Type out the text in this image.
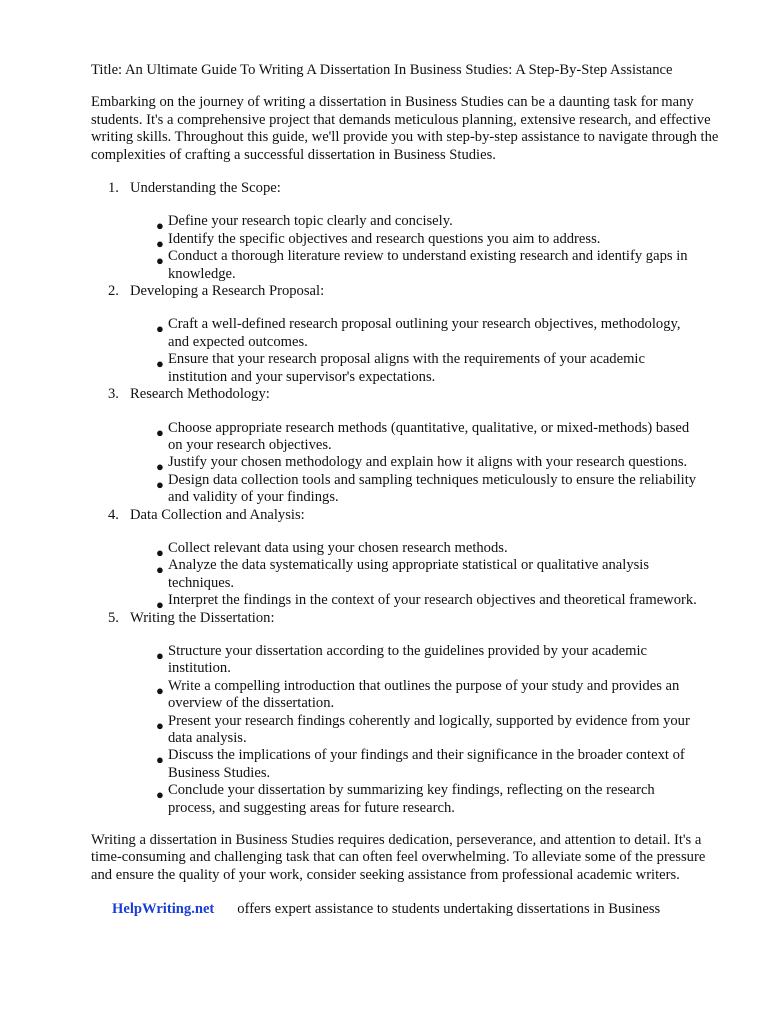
Title: An Ultimate Guide To Writing A Dissertation In Business Studies: A Step-By-Step Assistance

Embarking on the journey of writing a dissertation in Business Studies can be a daunting task for many students. It's a comprehensive project that demands meticulous planning, extensive research, and effective writing skills. Throughout this guide, we'll provide you with step-by-step assistance to navigate through the complexities of crafting a successful dissertation in Business Studies.

1. Understanding the Scope:
● Define your research topic clearly and concisely.
● Identify the specific objectives and research questions you aim to address.
● Conduct a thorough literature review to understand existing research and identify gaps in knowledge.
2. Developing a Research Proposal:
● Craft a well-defined research proposal outlining your research objectives, methodology, and expected outcomes.
● Ensure that your research proposal aligns with the requirements of your academic institution and your supervisor's expectations.
3. Research Methodology:
● Choose appropriate research methods (quantitative, qualitative, or mixed-methods) based on your research objectives.
● Justify your chosen methodology and explain how it aligns with your research questions.
● Design data collection tools and sampling techniques meticulously to ensure the reliability and validity of your findings.
4. Data Collection and Analysis:
● Collect relevant data using your chosen research methods.
● Analyze the data systematically using appropriate statistical or qualitative analysis techniques.
● Interpret the findings in the context of your research objectives and theoretical framework.
5. Writing the Dissertation:
● Structure your dissertation according to the guidelines provided by your academic institution.
● Write a compelling introduction that outlines the purpose of your study and provides an overview of the dissertation.
● Present your research findings coherently and logically, supported by evidence from your data analysis.
● Discuss the implications of your findings and their significance in the broader context of Business Studies.
● Conclude your dissertation by summarizing key findings, reflecting on the research process, and suggesting areas for future research.

Writing a dissertation in Business Studies requires dedication, perseverance, and attention to detail. It's a time-consuming and challenging task that can often feel overwhelming. To alleviate some of the pressure and ensure the quality of your work, consider seeking assistance from professional academic writers.

HelpWriting.net offers expert assistance to students undertaking dissertations in Business
